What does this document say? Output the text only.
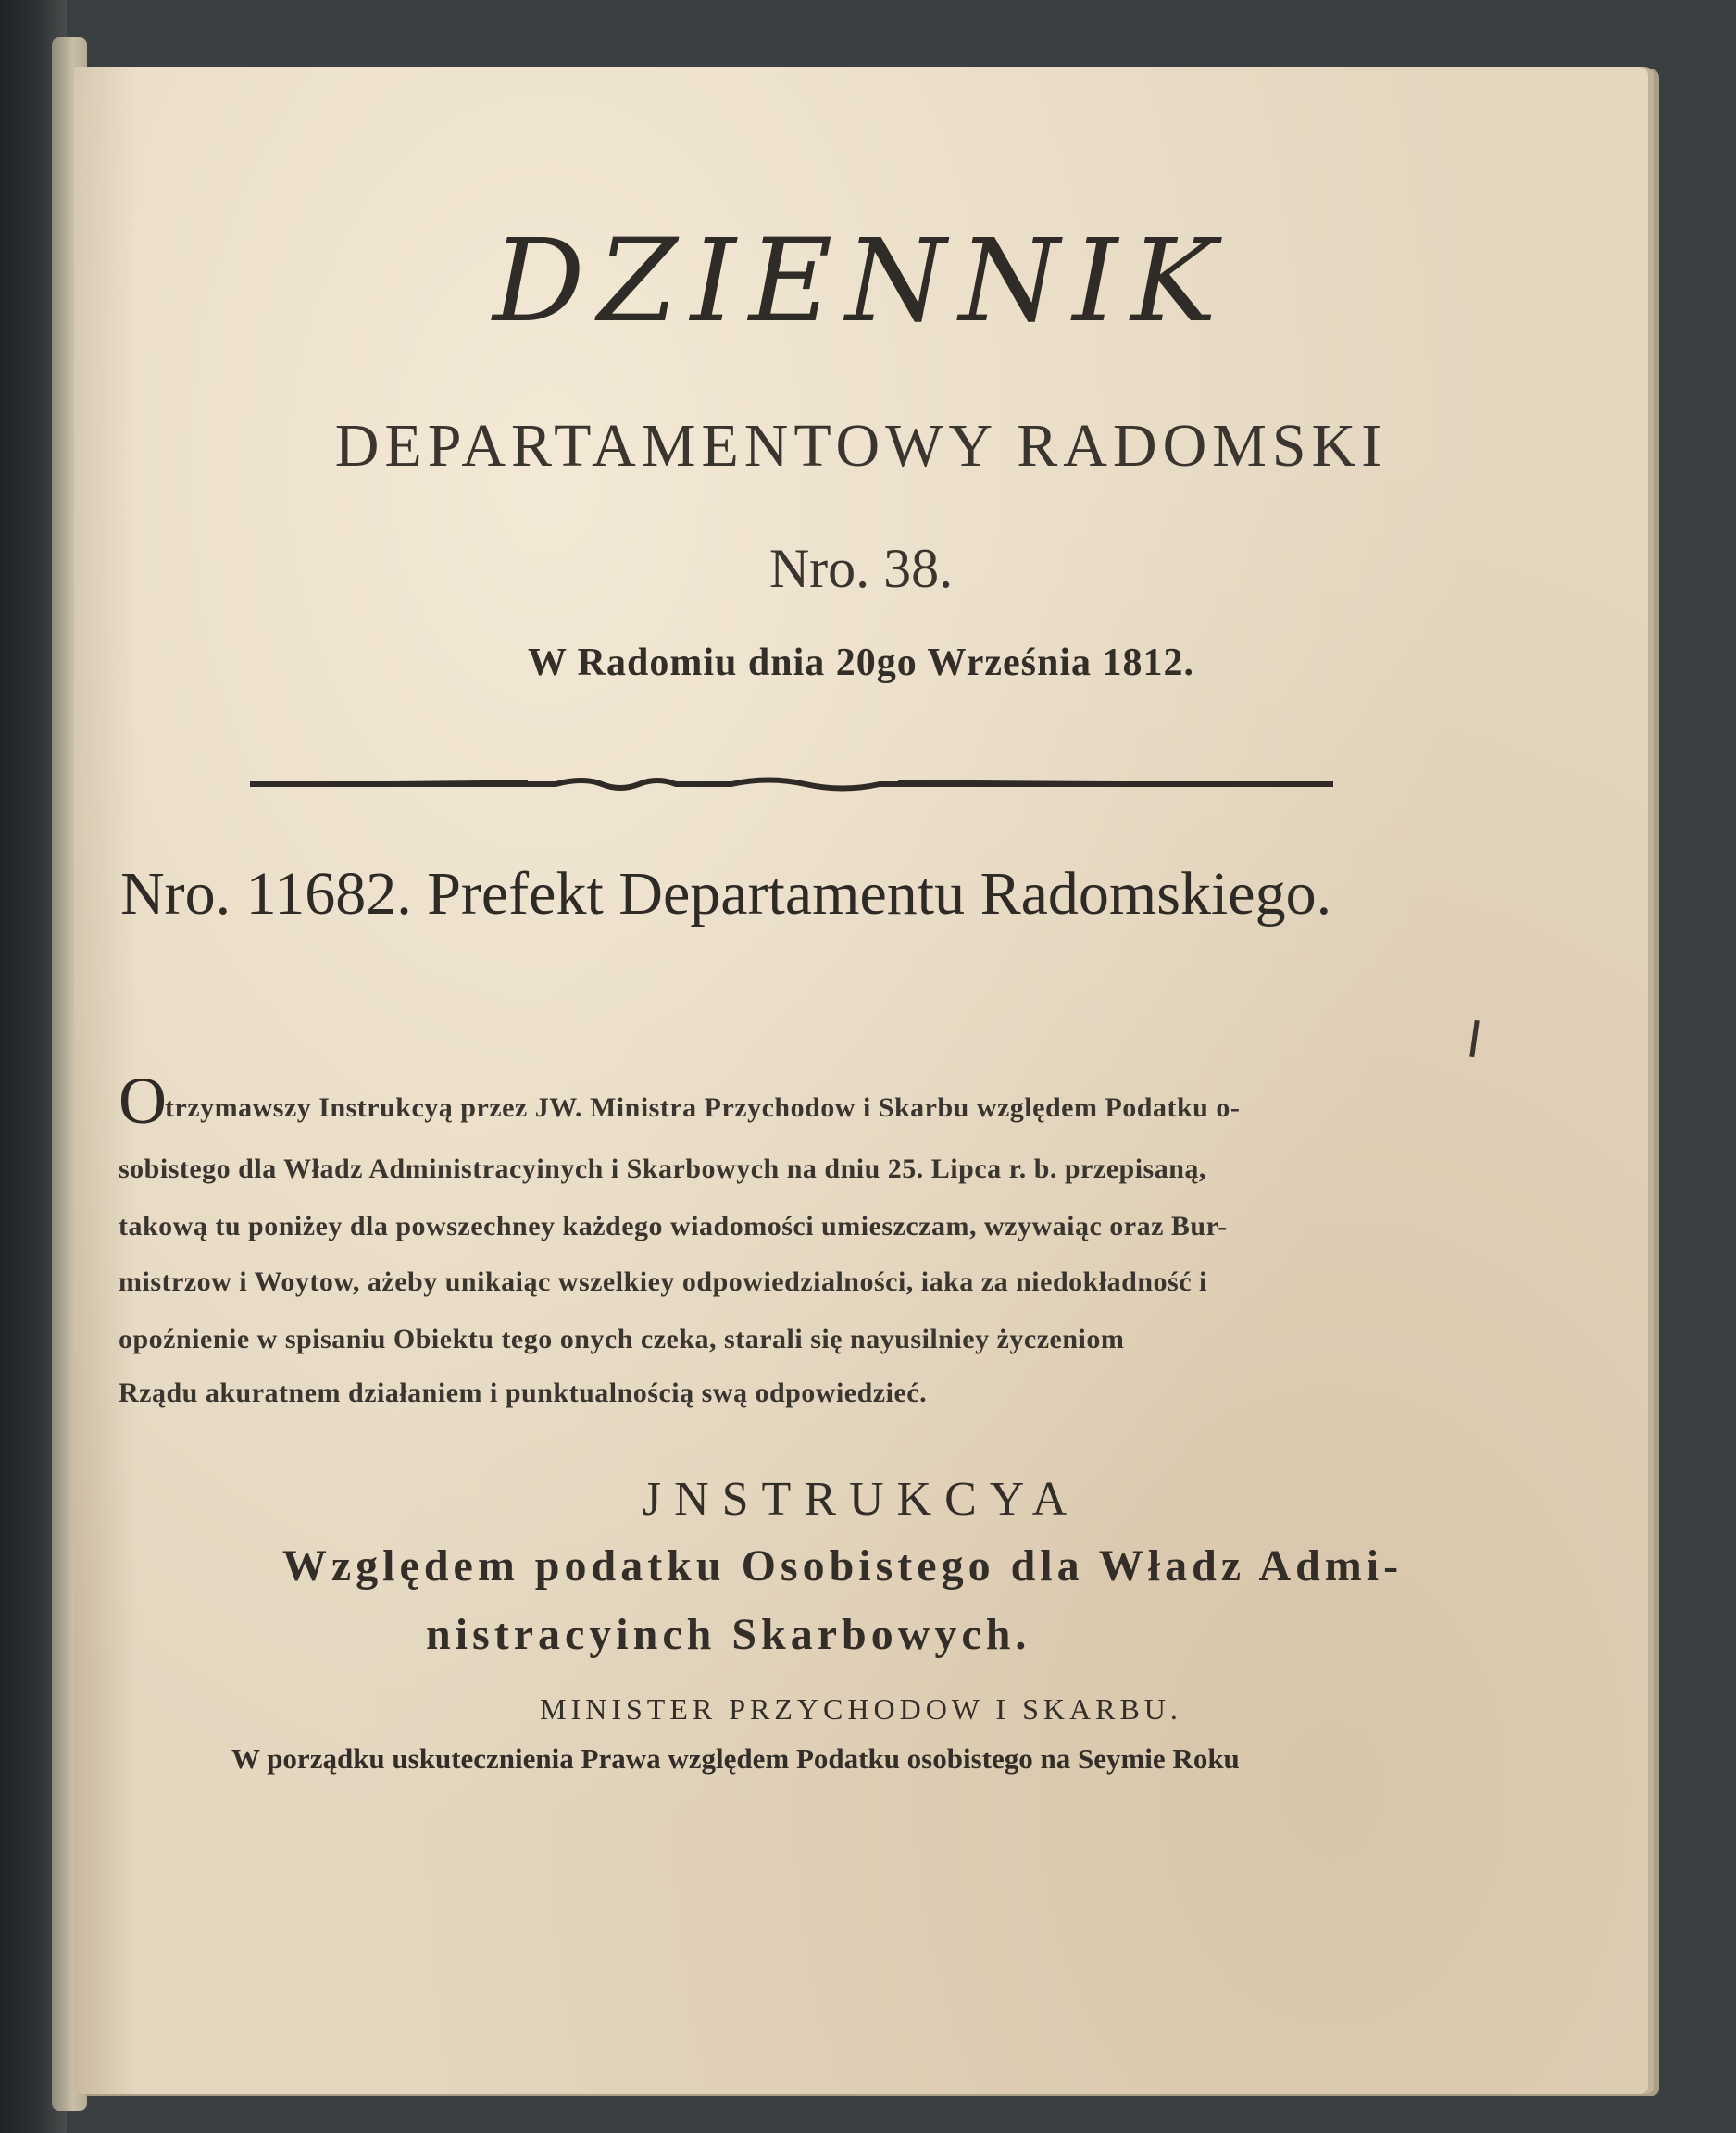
DZIENNIK
DEPARTAMENTOWY RADOMSKI
Nro. 38.
W Radomiu dnia 20go Września 1812.
Nro. 11682. Prefekt Departamentu Radomskiego.
O
trzymawszy Instrukcyą przez JW. Ministra Przychodow i Skarbu względem Podatku o-
sobistego dla Władz Administracyinych i Skarbowych na dniu 25. Lipca r. b. przepisaną,
takową tu poniżey dla powszechney każdego wiadomości umieszczam, wzywaiąc oraz Bur-
mistrzow i Woytow, ażeby unikaiąc wszelkiey odpowiedzialności, iaka za niedokładność i
opoźnienie w spisaniu Obiektu tego onych czeka, starali się nayusilniey życzeniom
Rządu akuratnem działaniem i punktualnością swą odpowiedzieć.
JNSTRUKCYA
Względem podatku Osobistego dla Władz Admi-
nistracyinch Skarbowych.
MINISTER PRZYCHODOW I SKARBU.
W porządku uskutecznienia Prawa względem Podatku osobistego na Seymie Roku
